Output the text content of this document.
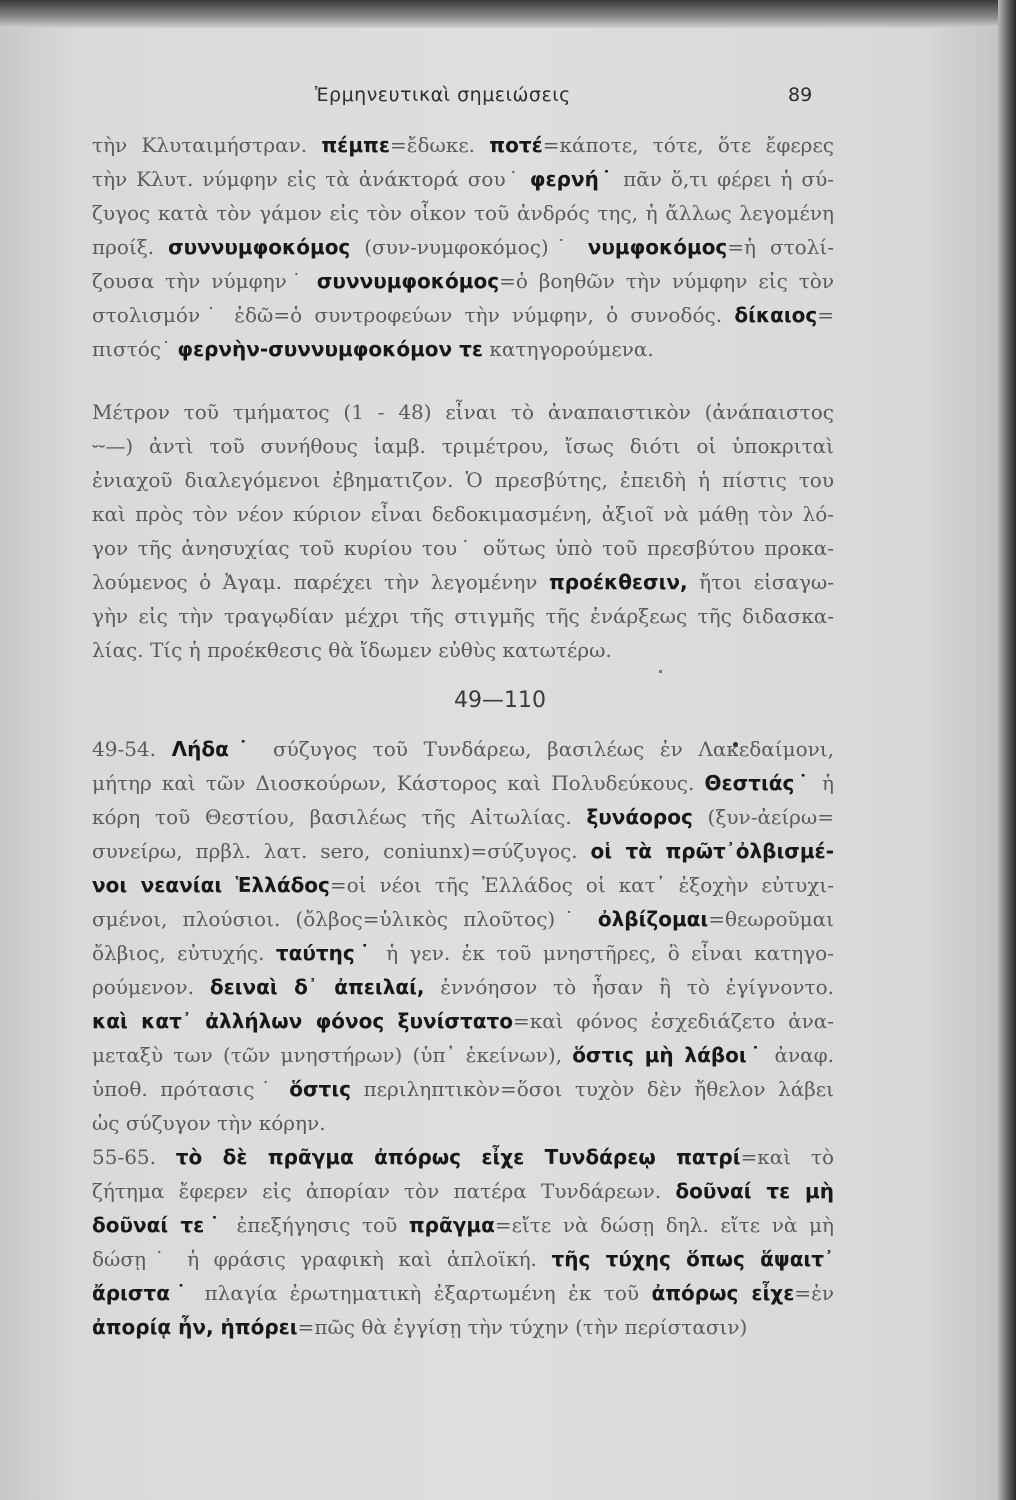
Ἑρμηνευτικαὶ σημειώσεις	89
τὴν Κλυταιμήστραν. πέμπε=ἔδωκε. ποτέ=κάποτε, τότε, ὅτε ἔφερες
τὴν Κλυτ. νύμφην εἰς τὰ ἀνάκτορά σου˙ φερνή˙ πᾶν ὅ,τι φέρει ἡ σύ-
ζυγος κατὰ τὸν γάμον εἰς τὸν οἶκον τοῦ ἀνδρός της, ἡ ἄλλως λεγομένη
προίξ. συννυμφοκόμος (συν-νυμφοκόμος)˙ νυμφοκόμος=ἡ στολί-
ζουσα τὴν νύμφην˙ συννυμφοκόμος=ὁ βοηθῶν τὴν νύμφην εἰς τὸν
στολισμόν˙ ἐδῶ=ὁ συντροφεύων τὴν νύμφην, ὁ συνοδός. δίκαιος=
πιστός˙ φερνὴν-συννυμφοκόμον τε κατηγορούμενα.
Μέτρον τοῦ τμήματος (1 - 48) εἶναι τὸ ἀναπαιστικὸν (ἀνάπαιστος
⏑⏑—) ἀντὶ τοῦ συνήθους ἰαμβ. τριμέτρου, ἴσως διότι οἱ ὑποκριταὶ
ἐνιαχοῦ διαλεγόμενοι ἐβηματιζον. Ὁ πρεσβύτης, ἐπειδὴ ἡ πίστις του
καὶ πρὸς τὸν νέον κύριον εἶναι δεδοκιμασμένη, ἀξιοῖ νὰ μάθῃ τὸν λό-
γον τῆς ἀνησυχίας τοῦ κυρίου του˙ οὕτως ὑπὸ τοῦ πρεσβύτου προκα-
λούμενος ὁ Ἀγαμ. παρέχει τὴν λεγομένην προέκθεσιν, ἤτοι εἰσαγω-
γὴν εἰς τὴν τραγῳδίαν μέχρι τῆς στιγμῆς τῆς ἐνάρξεως τῆς διδασκα-
λίας. Τίς ἡ προέκθεσις θὰ ἴδωμεν εὐθὺς κατωτέρω.
49—110
49-54. Λήδα˙ σύζυγος τοῦ Τυνδάρεω, βασιλέως ἐν Λακεδαίμονι,
μήτηρ καὶ τῶν Διοσκούρων, Κάστορος καὶ Πολυδεύκους. Θεστιάς˙ ἡ
κόρη τοῦ Θεστίου, βασιλέως τῆς Αἰτωλίας. ξυνάορος (ξυν-ἀείρω=
συνείρω, πρβλ. λατ. sero, coniunx)=σύζυγος. οἱ τὰ πρῶτ᾽ὀλβισμέ-
νοι νεανίαι Ἑλλάδος=οἱ νέοι τῆς Ἑλλάδος οἱ κατ᾽ ἐξοχὴν εὐτυχι-
σμένοι, πλούσιοι. (ὄλβος=ὑλικὸς πλοῦτος)˙ ὀλβίζομαι=θεωροῦμαι
ὄλβιος, εὐτυχής. ταύτης˙ ἡ γεν. ἐκ τοῦ μνηστῆρες, ὃ εἶναι κατηγο-
ρούμενον. δειναὶ δ᾽ ἀπειλαί, ἐννόησον τὸ ἦσαν ἢ τὸ ἐγίγνοντο.
καὶ κατ᾽ ἀλλήλων φόνος ξυνίστατο=καὶ φόνος ἐσχεδιάζετο ἀνα-
μεταξὺ των (τῶν μνηστήρων) (ὑπ᾽ ἐκείνων), ὅστις μὴ λάβοι˙ ἀναφ.
ὑποθ. πρότασις˙ ὅστις περιληπτικὸν=ὅσοι τυχὸν δὲν ἤθελον λάβει
ὡς σύζυγον τὴν κόρην.
55-65. τὸ δὲ πρᾶγμα ἀπόρως εἶχε Τυνδάρεῳ πατρί=καὶ τὸ
ζήτημα ἔφερεν εἰς ἀπορίαν τὸν πατέρα Τυνδάρεων. δοῦναί τε μὴ
δοῦναί τε˙ ἐπεξήγησις τοῦ πρᾶγμα=εἴτε νὰ δώσῃ δηλ. εἴτε νὰ μὴ
δώσῃ˙ ἡ φράσις γραφικὴ καὶ ἁπλοϊκή. τῆς τύχης ὅπως ἅψαιτ᾽
ἄριστα˙ πλαγία ἐρωτηματικὴ ἐξαρτωμένη ἐκ τοῦ ἀπόρως εἶχε=ἐν
ἀπορίᾳ ἦν, ἠπόρει=πῶς θὰ ἐγγίσῃ τὴν τύχην (τὴν περίστασιν)
